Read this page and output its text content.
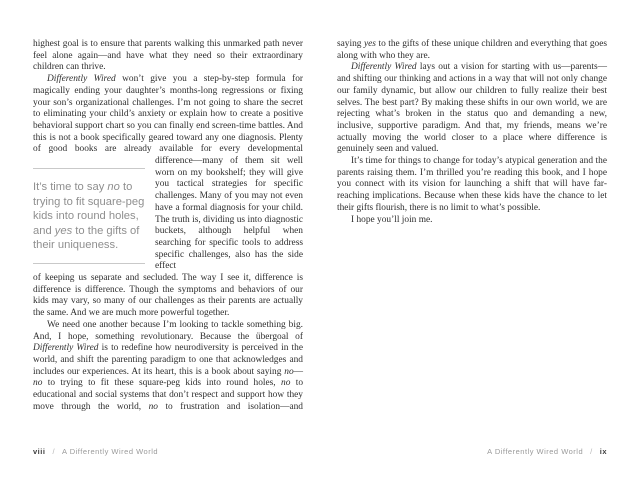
highest goal is to ensure that parents walking this unmarked path never feel alone again—and have what they need so their extraordinary children can thrive.

Differently Wired won’t give you a step-by-step formula for magically ending your daughter’s months-long regressions or fixing your son’s organizational challenges. I’m not going to share the secret to eliminating your child’s anxiety or explain how to create a positive behavioral support chart so you can finally end screen-time battles. And this is not a book specifically geared toward any one diagnosis. Plenty of good books are already available for every developmental

It’s time to say no to trying to fit square-peg kids into round holes, and yes to the gifts of their uniqueness.

difference—many of them sit well worn on my bookshelf; they will give you tactical strategies for specific challenges. Many of you may not even have a formal diagnosis for your child. The truth is, dividing us into diagnostic buckets, although helpful when searching for specific tools to address specific challenges, also has the side effect

of keeping us separate and secluded. The way I see it, difference is difference is difference. Though the symptoms and behaviors of our kids may vary, so many of our challenges as their parents are actually the same. And we are much more powerful together.

We need one another because I’m looking to tackle something big. And, I hope, something revolutionary. Because the übergoal of Differently Wired is to redefine how neurodiversity is perceived in the world, and shift the parenting paradigm to one that acknowledges and includes our experiences. At its heart, this is a book about saying no—no to trying to fit these square-peg kids into round holes, no to educational and social systems that don’t respect and support how they move through the world, no to frustration and isolation—and

saying yes to the gifts of these unique children and everything that goes along with who they are.

Differently Wired lays out a vision for starting with us—parents—and shifting our thinking and actions in a way that will not only change our family dynamic, but allow our children to fully realize their best selves. The best part? By making these shifts in our own world, we are rejecting what’s broken in the status quo and demanding a new, inclusive, supportive paradigm. And that, my friends, means we’re actually moving the world closer to a place where difference is genuinely seen and valued.

It’s time for things to change for today’s atypical generation and the parents raising them. I’m thrilled you’re reading this book, and I hope you connect with its vision for launching a shift that will have far-reaching implications. Because when these kids have the chance to let their gifts flourish, there is no limit to what’s possible.

I hope you’ll join me.

viii / A Differently Wired World	A Differently Wired World / ix
